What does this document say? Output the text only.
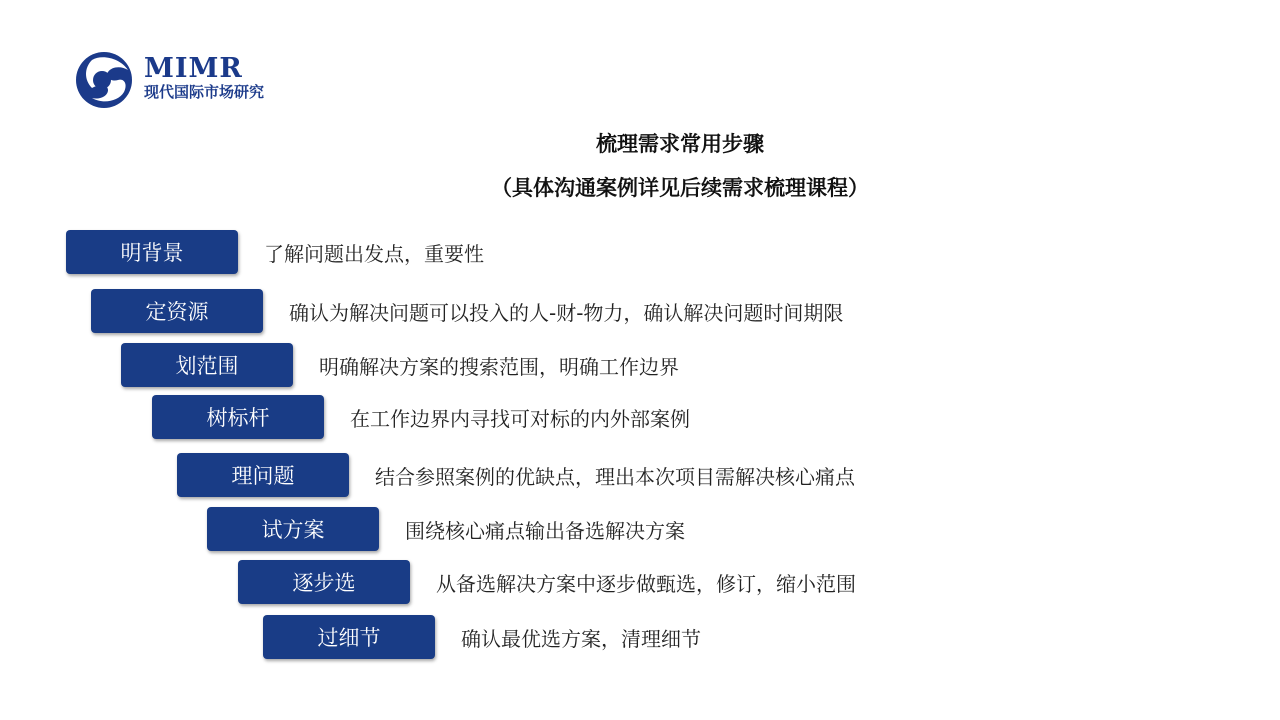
MIMR
现代国际市场研究
梳理需求常用步骤
（具体沟通案例详见后续需求梳理课程）
明背景	了解问题出发点，重要性
定资源	确认为解决问题可以投入的人-财-物力，确认解决问题时间期限
划范围	明确解决方案的搜索范围，明确工作边界
树标杆	在工作边界内寻找可对标的内外部案例
理问题	结合参照案例的优缺点，理出本次项目需解决核心痛点
试方案	围绕核心痛点输出备选解决方案
逐步选	从备选解决方案中逐步做甄选，修订，缩小范围
过细节	确认最优选方案，清理细节
